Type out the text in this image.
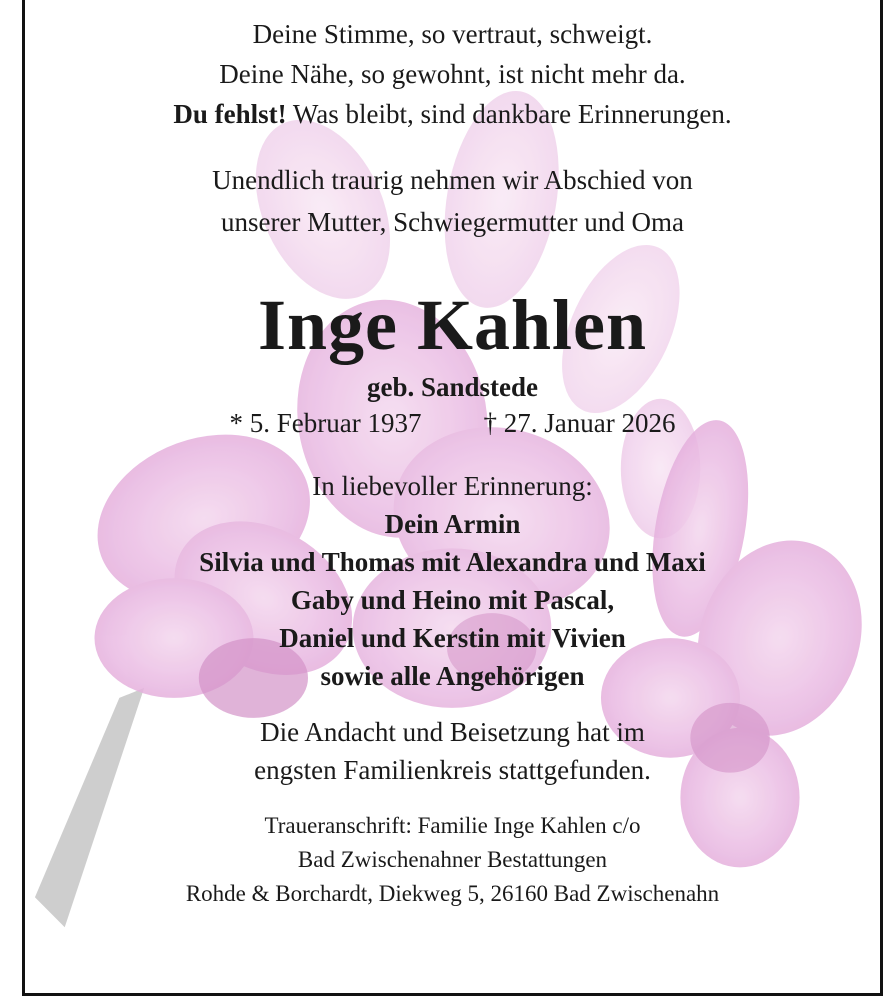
Deine Stimme, so vertraut, schweigt.
Deine Nähe, so gewohnt, ist nicht mehr da.
Du fehlst! Was bleibt, sind dankbare Erinnerungen.
Unendlich traurig nehmen wir Abschied von
unserer Mutter, Schwiegermutter und Oma
Inge Kahlen
geb. Sandstede
* 5. Februar 1937 † 27. Januar 2026
In liebevoller Erinnerung:
Dein Armin
Silvia und Thomas mit Alexandra und Maxi
Gaby und Heino mit Pascal,
Daniel und Kerstin mit Vivien
sowie alle Angehörigen
Die Andacht und Beisetzung hat im
engsten Familienkreis stattgefunden.
Traueranschrift: Familie Inge Kahlen c/o
Bad Zwischenahner Bestattungen
Rohde & Borchardt, Diekweg 5, 26160 Bad Zwischenahn
